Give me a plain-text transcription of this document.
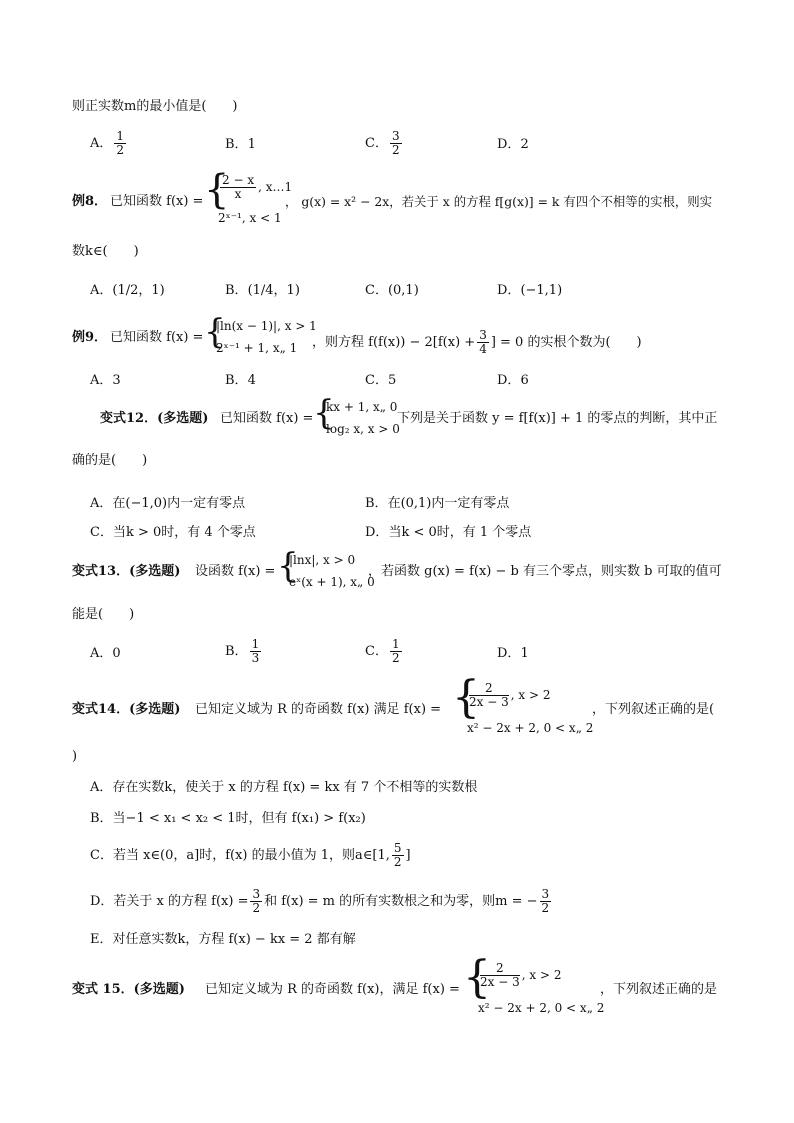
则正实数m的最小值是(　　)
A． $\frac{1}{2}$	B．1	C． $\frac{3}{2}$	D．2
例8． 已知函数 f(x) = {
$\frac{2 - x}{x}$ , x…1
2ˣ⁻¹, x < 1
， g(x) = x² − 2x，若关于 x 的方程 f[g(x)] = k 有四个不相等的实根，则实
数k∈(　　)
A．(1/2，1)	B．(1/4，1)	C．(0,1)	D．(−1,1)
例9． 已知函数 f(x) = {
|ln(x − 1)|, x > 1
2ˣ⁻¹ + 1, x„ 1 ，则方程 $f(f(x)) - 2[f(x) + \frac{3}{4}$ ] = 0 的实根个数为(　　)
A．3	B．4	C．5	D．6
变式12．(多选题) 已知函数 f(x) = {
kx + 1, x„ 0
log₂ x, x > 0
下列是关于函数 y = f[f(x)] + 1 的零点的判断，其中正
确的是(　　)
A．在(−1,0)内一定有零点	B．在(0,1)内一定有零点
C．当k > 0时，有 4 个零点	D．当k < 0时，有 1 个零点
变式13．(多选题) 设函数 f(x) = {
|lnx|, x > 0
eˣ(x + 1), x„ 0
，若函数 g(x) = f(x) − b 有三个零点，则实数 b 可取的值可
能是(　　)
A．0	B． $\frac{1}{3}$	C． $\frac{1}{2}$	D．1
变式14．(多选题) 已知定义域为 R 的奇函数 f(x) 满足 f(x) = {
$\frac{2}{2x - 3}$ , x > 2
x² − 2x + 2, 0 < x„ 2
，下列叙述正确的是(
)
A．存在实数k，使关于 x 的方程 f(x) = kx 有 7 个不相等的实数根
B．当−1 < x₁ < x₂ < 1时，但有 f(x₁) > f(x₂)
C．若当 x∈(0，a]时，f(x) 的最小值为 1，则a∈[1, $\frac{5}{2}$ ]
D．若关于 x 的方程 $f(x) = \frac{3}{2}$ 和 f(x) = m 的所有实数根之和为零，则m = − $\frac{3}{2}$
E．对任意实数k，方程 f(x) − kx = 2 都有解
变式 15．(多选题) 已知定义域为 R 的奇函数 f(x)，满足 f(x) = {
$\frac{2}{2x - 3}$ , x > 2
x² − 2x + 2, 0 < x„ 2
，下列叙述正确的是
